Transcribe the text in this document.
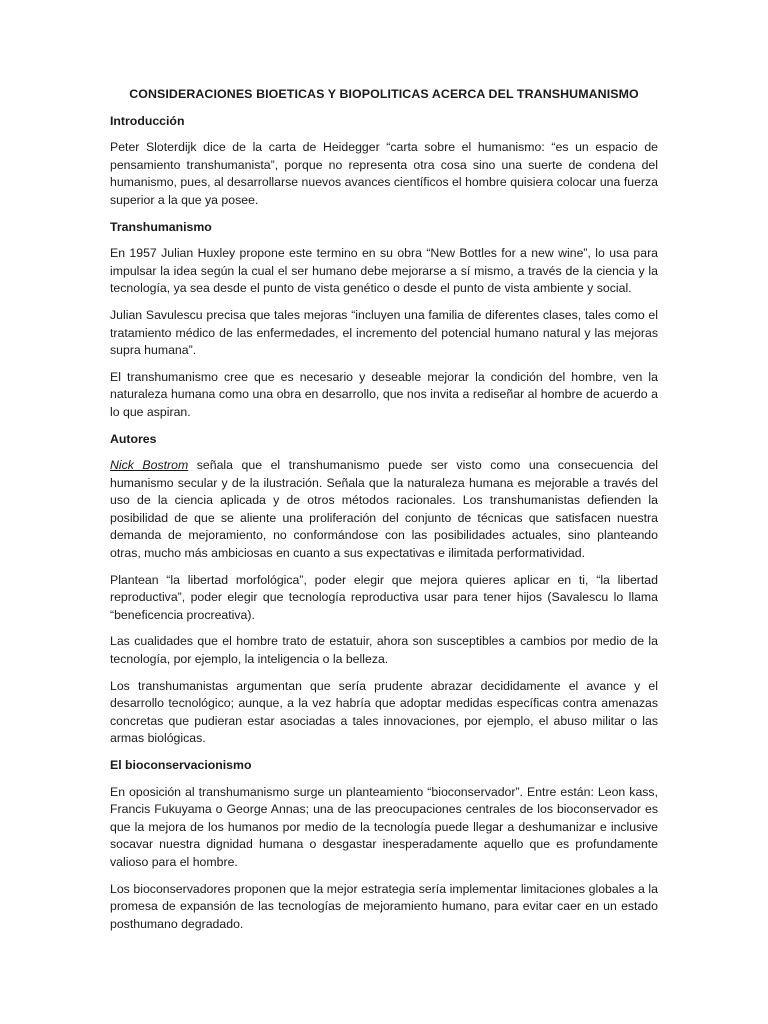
CONSIDERACIONES BIOETICAS Y BIOPOLITICAS ACERCA DEL TRANSHUMANISMO
Introducción

Peter Sloterdijk dice de la carta de Heidegger “carta sobre el humanismo: “es un espacio de pensamiento transhumanista”, porque no representa otra cosa sino una suerte de condena del humanismo, pues, al desarrollarse nuevos avances científicos el hombre quisiera colocar una fuerza superior a la que ya posee.

Transhumanismo

En 1957 Julian Huxley propone este termino en su obra “New Bottles for a new wine”, lo usa para impulsar la idea según la cual el ser humano debe mejorarse a sí mismo, a través de la ciencia y la tecnología, ya sea desde el punto de vista genético o desde el punto de vista ambiente y social.

Julian Savulescu precisa que tales mejoras “incluyen una familia de diferentes clases, tales como el tratamiento médico de las enfermedades, el incremento del potencial humano natural y las mejoras supra humana”.

El transhumanismo cree que es necesario y deseable mejorar la condición del hombre, ven la naturaleza humana como una obra en desarrollo, que nos invita a rediseñar al hombre de acuerdo a lo que aspiran.

Autores

Nick Bostrom señala que el transhumanismo puede ser visto como una consecuencia del humanismo secular y de la ilustración. Señala que la naturaleza humana es mejorable a través del uso de la ciencia aplicada y de otros métodos racionales. Los transhumanistas defienden la posibilidad de que se aliente una proliferación del conjunto de técnicas que satisfacen nuestra demanda de mejoramiento, no conformándose con las posibilidades actuales, sino planteando otras, mucho más ambiciosas en cuanto a sus expectativas e ilimitada performatividad.

Plantean “la libertad morfológica”, poder elegir que mejora quieres aplicar en ti, “la libertad reproductiva”, poder elegir que tecnología reproductiva usar para tener hijos (Savalescu lo llama “beneficencia procreativa).

Las cualidades que el hombre trato de estatuir, ahora son susceptibles a cambios por medio de la tecnología, por ejemplo, la inteligencia o la belleza.

Los transhumanistas argumentan que sería prudente abrazar decididamente el avance y el desarrollo tecnológico; aunque, a la vez habría que adoptar medidas específicas contra amenazas concretas que pudieran estar asociadas a tales innovaciones, por ejemplo, el abuso militar o las armas biológicas.

El bioconservacionismo

En oposición al transhumanismo surge un planteamiento “bioconservador”. Entre están: Leon kass, Francis Fukuyama o George Annas; una de las preocupaciones centrales de los bioconservador es que la mejora de los humanos por medio de la tecnología puede llegar a deshumanizar e inclusive socavar nuestra dignidad humana o desgastar inesperadamente aquello que es profundamente valioso para el hombre.

Los bioconservadores proponen que la mejor estrategia sería implementar limitaciones globales a la promesa de expansión de las tecnologías de mejoramiento humano, para evitar caer en un estado posthumano degradado.
